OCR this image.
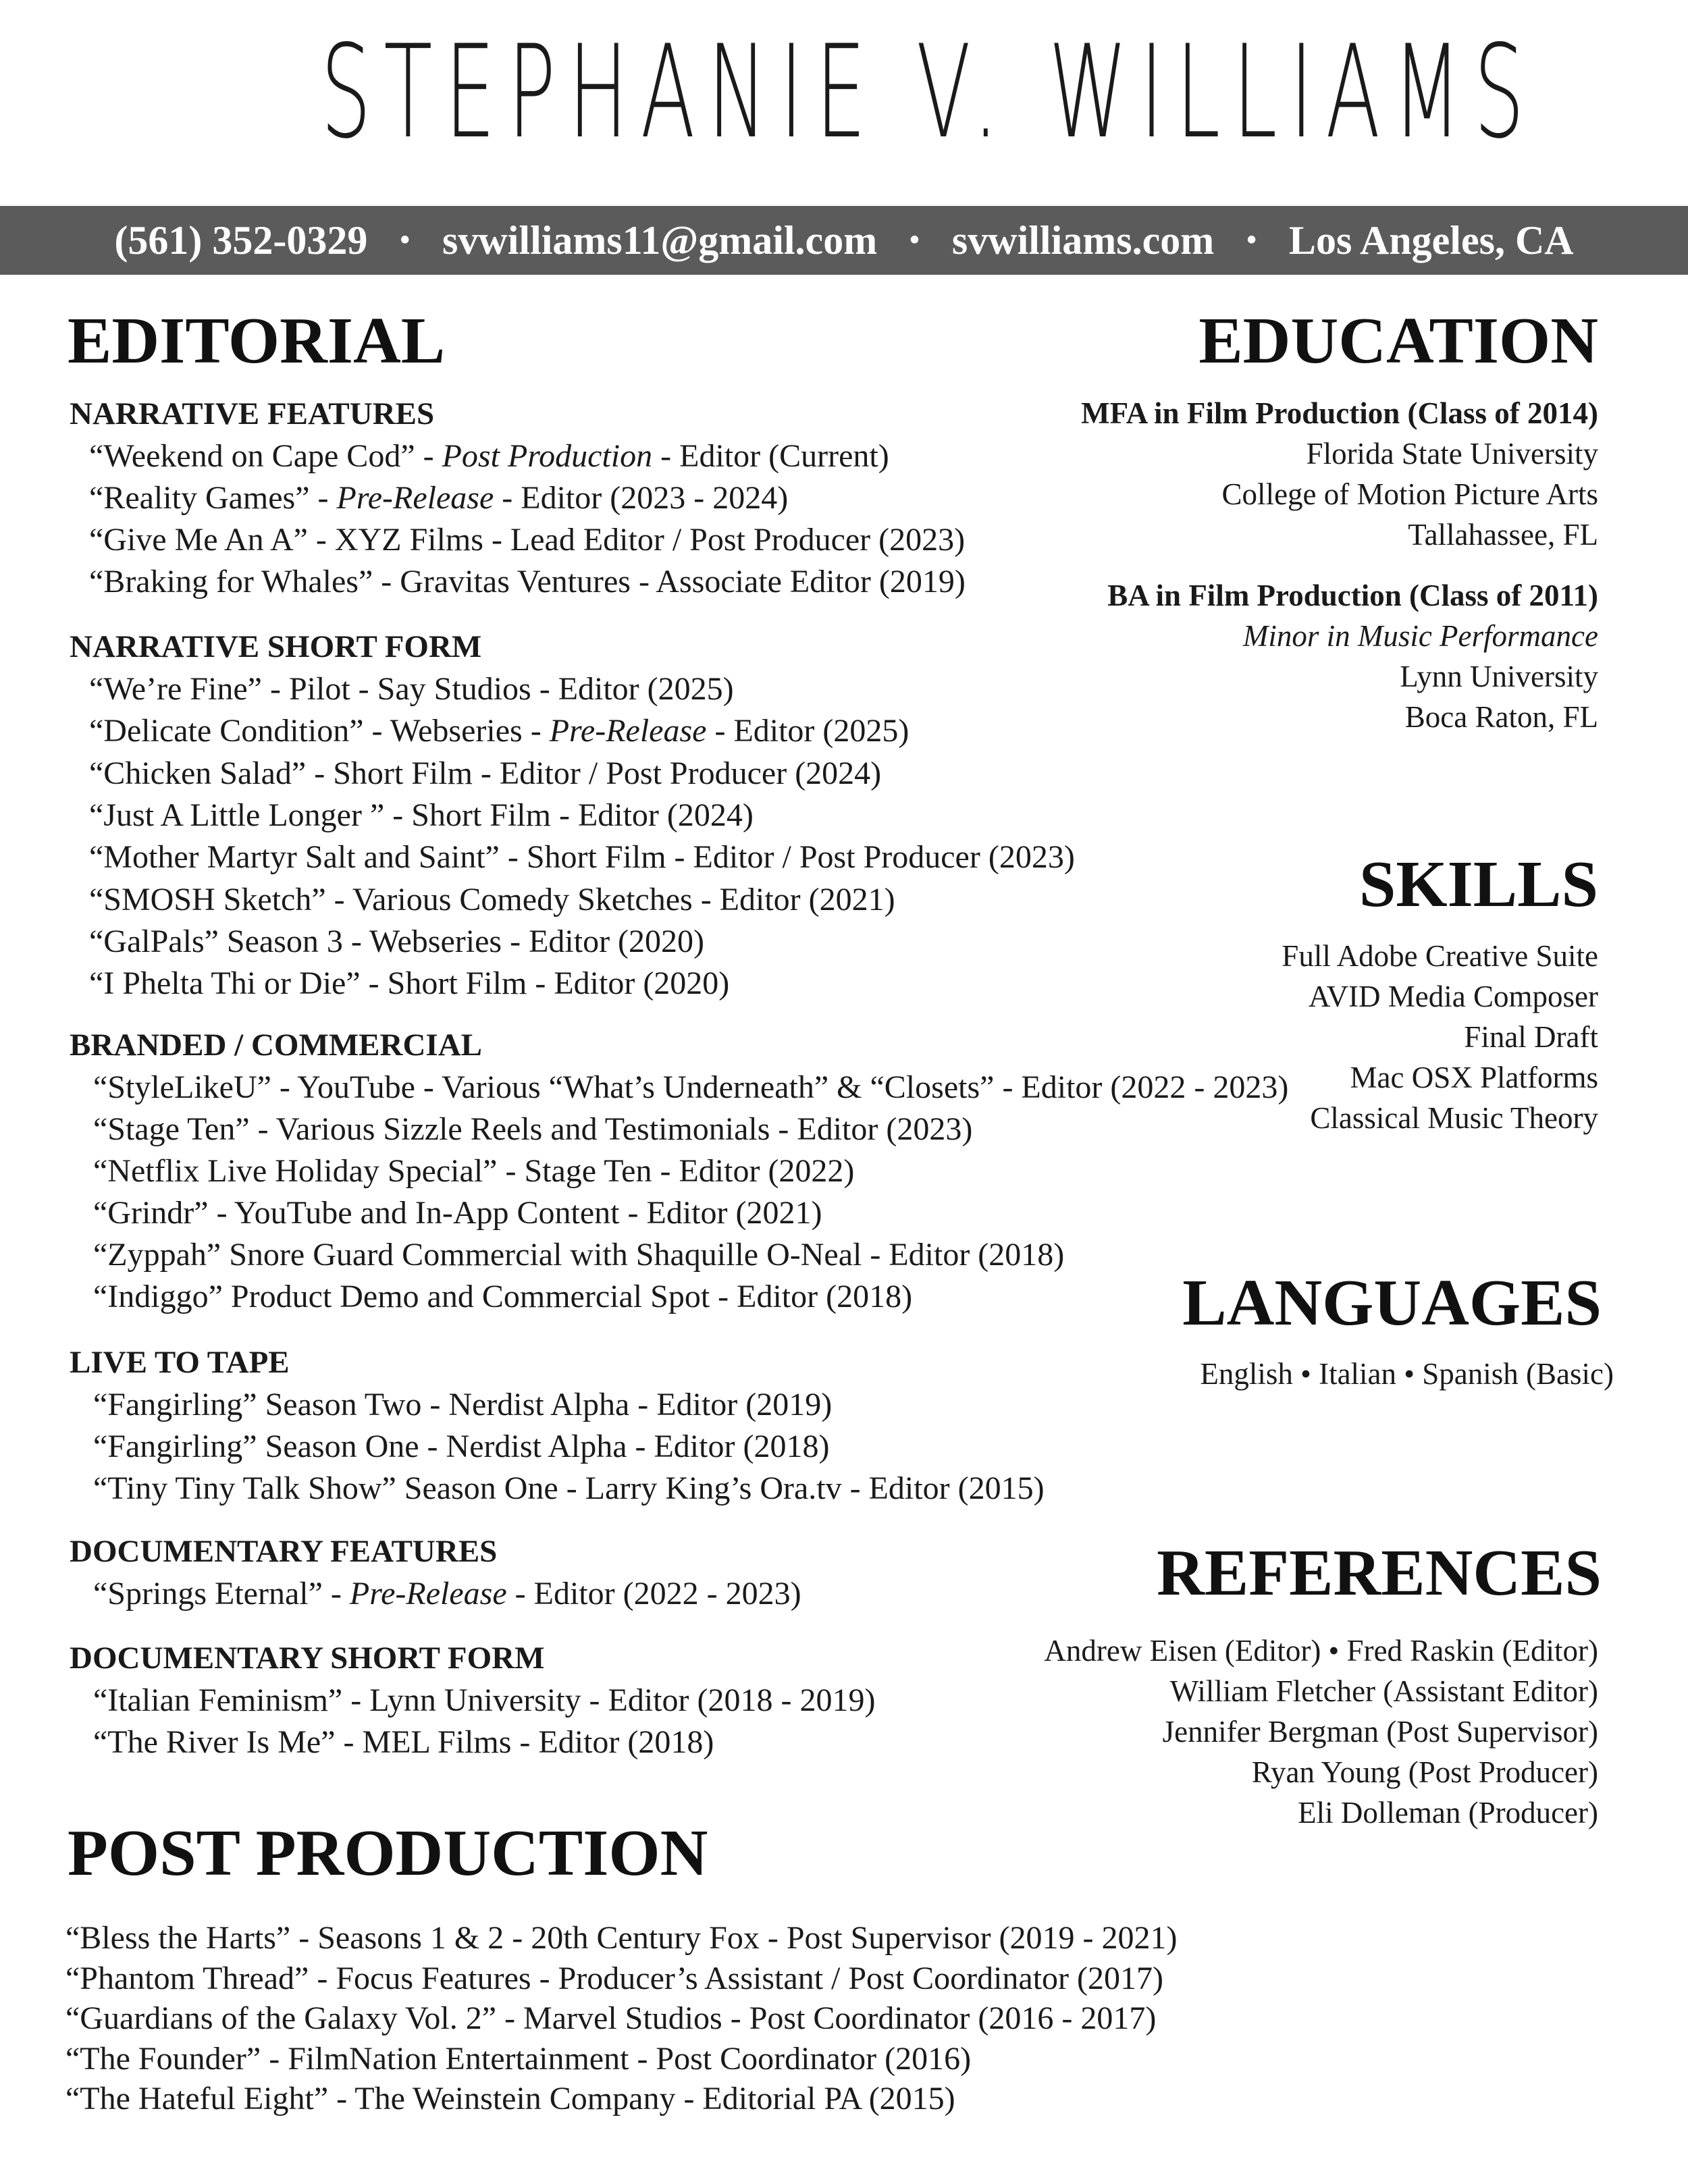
STEPHANIE V. WILLIAMS
(561) 352-0329 • svwilliams11@gmail.com • svwilliams.com • Los Angeles, CA
EDITORIAL
NARRATIVE FEATURES
“Weekend on Cape Cod” - Post Production - Editor (Current)
“Reality Games” - Pre-Release - Editor (2023 - 2024)
“Give Me An A” - XYZ Films - Lead Editor / Post Producer (2023)
“Braking for Whales” - Gravitas Ventures - Associate Editor (2019)
NARRATIVE SHORT FORM
“We’re Fine” - Pilot - Say Studios - Editor (2025)
“Delicate Condition” - Webseries - Pre-Release - Editor (2025)
“Chicken Salad” - Short Film - Editor / Post Producer (2024)
“Just A Little Longer ” - Short Film - Editor (2024)
“Mother Martyr Salt and Saint” - Short Film - Editor / Post Producer (2023)
“SMOSH Sketch” - Various Comedy Sketches - Editor (2021)
“GalPals” Season 3 - Webseries - Editor (2020)
“I Phelta Thi or Die” - Short Film - Editor (2020)
BRANDED / COMMERCIAL
“StyleLikeU” - YouTube - Various “What’s Underneath” & “Closets” - Editor (2022 - 2023)
“Stage Ten” - Various Sizzle Reels and Testimonials - Editor (2023)
“Netflix Live Holiday Special” - Stage Ten - Editor (2022)
“Grindr” - YouTube and In-App Content - Editor (2021)
“Zyppah” Snore Guard Commercial with Shaquille O-Neal - Editor (2018)
“Indiggo” Product Demo and Commercial Spot - Editor (2018)
LIVE TO TAPE
“Fangirling” Season Two - Nerdist Alpha - Editor (2019)
“Fangirling” Season One - Nerdist Alpha - Editor (2018)
“Tiny Tiny Talk Show” Season One - Larry King’s Ora.tv - Editor (2015)
DOCUMENTARY FEATURES
“Springs Eternal” - Pre-Release - Editor (2022 - 2023)
DOCUMENTARY SHORT FORM
“Italian Feminism” - Lynn University - Editor (2018 - 2019)
“The River Is Me” - MEL Films - Editor (2018)
POST PRODUCTION
“Bless the Harts” - Seasons 1 & 2 - 20th Century Fox - Post Supervisor (2019 - 2021)
“Phantom Thread” - Focus Features - Producer’s Assistant / Post Coordinator (2017)
“Guardians of the Galaxy Vol. 2” - Marvel Studios - Post Coordinator (2016 - 2017)
“The Founder” - FilmNation Entertainment - Post Coordinator (2016)
“The Hateful Eight” - The Weinstein Company - Editorial PA (2015)
EDUCATION
MFA in Film Production (Class of 2014)
Florida State University
College of Motion Picture Arts
Tallahassee, FL
BA in Film Production (Class of 2011)
Minor in Music Performance
Lynn University
Boca Raton, FL
SKILLS
Full Adobe Creative Suite
AVID Media Composer
Final Draft
Mac OSX Platforms
Classical Music Theory
LANGUAGES
English • Italian • Spanish (Basic)
REFERENCES
Andrew Eisen (Editor) • Fred Raskin (Editor)
William Fletcher (Assistant Editor)
Jennifer Bergman (Post Supervisor)
Ryan Young (Post Producer)
Eli Dolleman (Producer)
